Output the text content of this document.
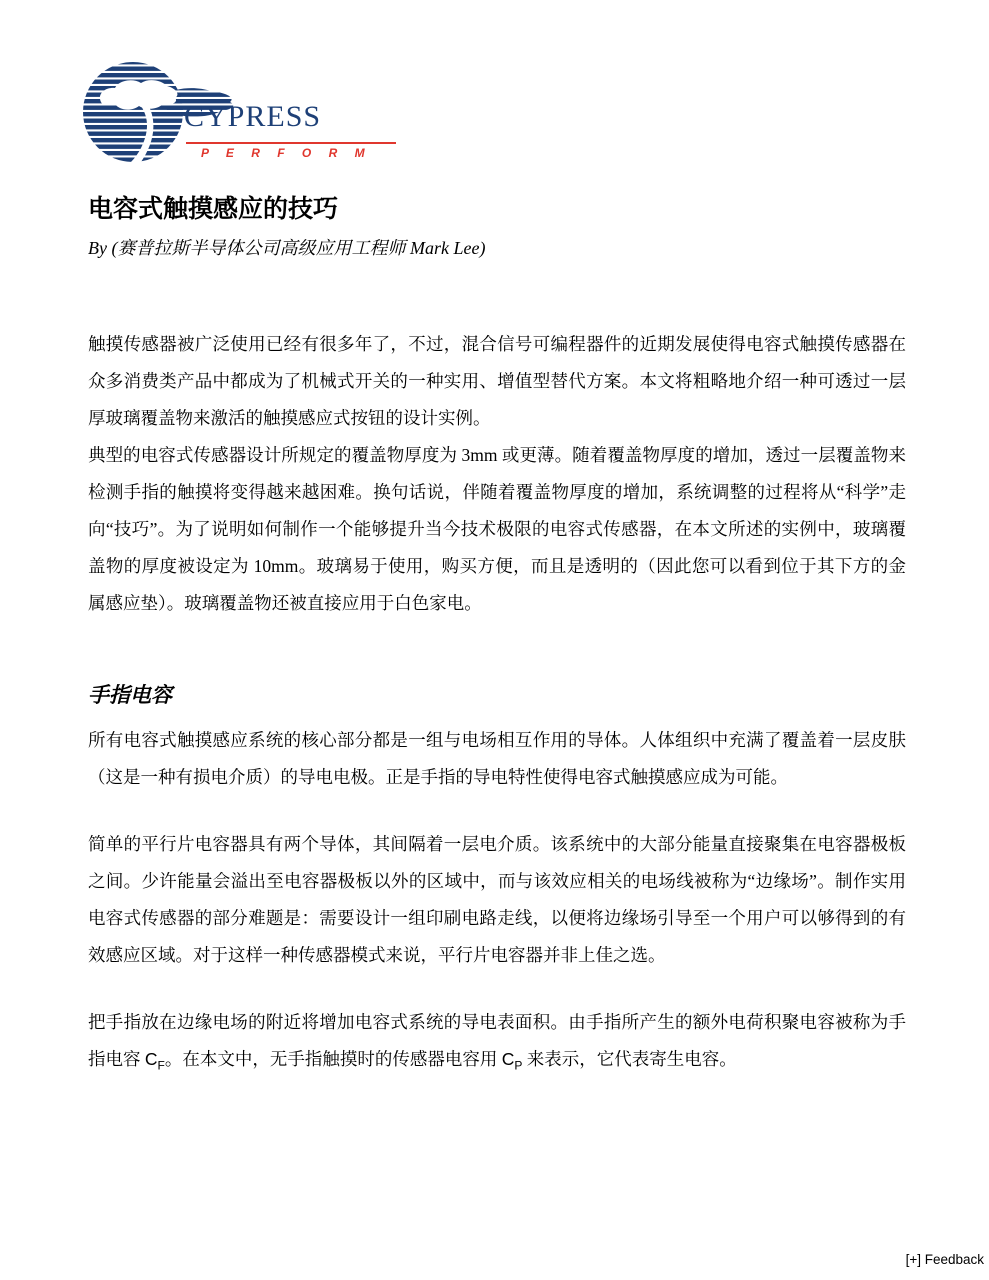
CYPRESS
P E R F O R M
电容式触摸感应的技巧

By (赛普拉斯半导体公司高级应用工程师 Mark Lee)

触摸传感器被广泛使用已经有很多年了，不过，混合信号可编程器件的近期发展使得电容式触摸传感器在众多消费类产品中都成为了机械式开关的一种实用、增值型替代方案。本文将粗略地介绍一种可透过一层厚玻璃覆盖物来激活的触摸感应式按钮的设计实例。

典型的电容式传感器设计所规定的覆盖物厚度为 3mm 或更薄。随着覆盖物厚度的增加，透过一层覆盖物来检测手指的触摸将变得越来越困难。换句话说，伴随着覆盖物厚度的增加，系统调整的过程将从“科学”走向“技巧”。为了说明如何制作一个能够提升当今技术极限的电容式传感器，在本文所述的实例中，玻璃覆盖物的厚度被设定为 10mm。玻璃易于使用，购买方便，而且是透明的（因此您可以看到位于其下方的金属感应垫）。玻璃覆盖物还被直接应用于白色家电。

手指电容

所有电容式触摸感应系统的核心部分都是一组与电场相互作用的导体。人体组织中充满了覆盖着一层皮肤（这是一种有损电介质）的导电电极。正是手指的导电特性使得电容式触摸感应成为可能。

简单的平行片电容器具有两个导体，其间隔着一层电介质。该系统中的大部分能量直接聚集在电容器极板之间。少许能量会溢出至电容器极板以外的区域中，而与该效应相关的电场线被称为“边缘场”。制作实用电容式传感器的部分难题是：需要设计一组印刷电路走线，以便将边缘场引导至一个用户可以够得到的有效感应区域。对于这样一种传感器模式来说，平行片电容器并非上佳之选。

把手指放在边缘电场的附近将增加电容式系统的导电表面积。由手指所产生的额外电荷积聚电容被称为手指电容 $C_F$。在本文中，无手指触摸时的传感器电容用 $C_P$ 来表示，它代表寄生电容。

[+] Feedback
